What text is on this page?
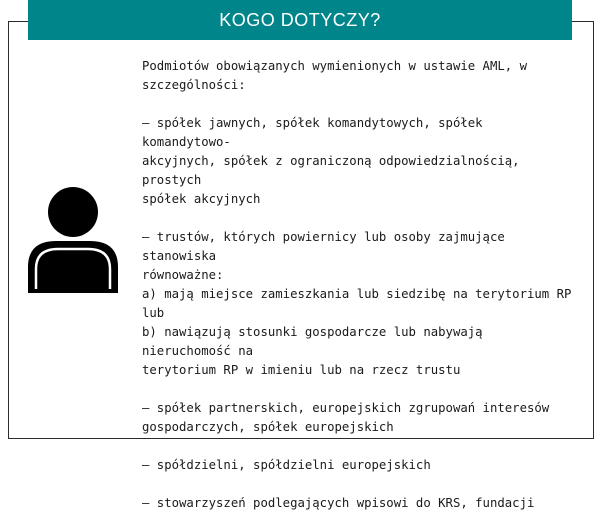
KOGO DOTYCZY?

Podmiotów obowiązanych wymienionych w ustawie AML, w
szczególności:

– spółek jawnych, spółek komandytowych, spółek komandytowo-
akcyjnych, spółek z ograniczoną odpowiedzialnością, prostych
spółek akcyjnych

– trustów, których powiernicy lub osoby zajmujące stanowiska
równoważne:
a) mają miejsce zamieszkania lub siedzibę na terytorium RP lub
b) nawiązują stosunki gospodarcze lub nabywają nieruchomość na
terytorium RP w imieniu lub na rzecz trustu

– spółek partnerskich, europejskich zgrupowań interesów
gospodarczych, spółek europejskich

– spółdzielni, spółdzielni europejskich

– stowarzyszeń podlegających wpisowi do KRS, fundacji
